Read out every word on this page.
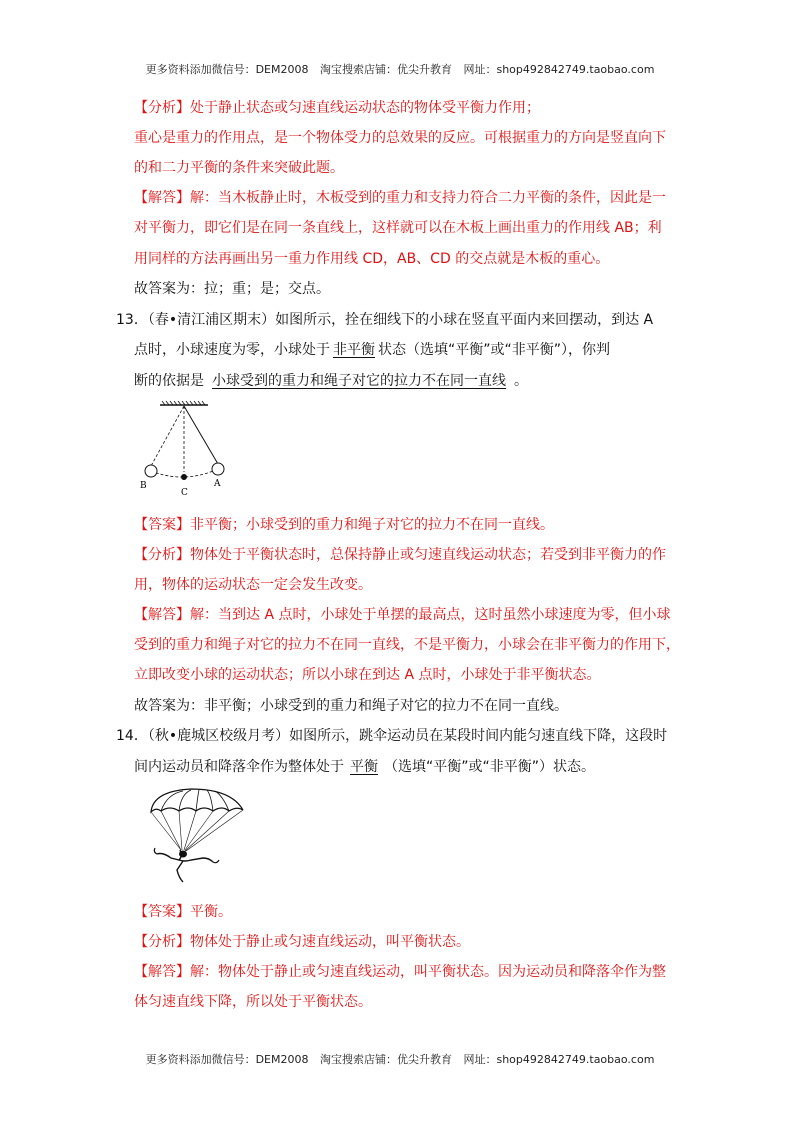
更多资料添加微信号：DEM2008 淘宝搜索店铺：优尖升教育 网址：shop492842749.taobao.com
【分析】处于静止状态或匀速直线运动状态的物体受平衡力作用；
重心是重力的作用点，是一个物体受力的总效果的反应。可根据重力的方向是竖直向下
的和二力平衡的条件来突破此题。
【解答】解：当木板静止时，木板受到的重力和支持力符合二力平衡的条件，因此是一
对平衡力，即它们是在同一条直线上，这样就可以在木板上画出重力的作用线 AB；利
用同样的方法再画出另一重力作用线 CD，AB、CD 的交点就是木板的重心。
故答案为：拉；重；是；交点。
13．（春•清江浦区期末）如图所示，拴在细线下的小球在竖直平面内来回摆动，到达 A
点时，小球速度为零，小球处于 非平衡 状态（选填“平衡”或“非平衡”），你判
断的依据是 小球受到的重力和绳子对它的拉力不在同一直线 。
B
C
A
【答案】非平衡；小球受到的重力和绳子对它的拉力不在同一直线。
【分析】物体处于平衡状态时，总保持静止或匀速直线运动状态；若受到非平衡力的作
用，物体的运动状态一定会发生改变。
【解答】解：当到达 A 点时，小球处于单摆的最高点，这时虽然小球速度为零，但小球
受到的重力和绳子对它的拉力不在同一直线，不是平衡力，小球会在非平衡力的作用下，
立即改变小球的运动状态；所以小球在到达 A 点时，小球处于非平衡状态。
故答案为：非平衡；小球受到的重力和绳子对它的拉力不在同一直线。
14．（秋•鹿城区校级月考）如图所示，跳伞运动员在某段时间内能匀速直线下降，这段时
间内运动员和降落伞作为整体处于 平衡 （选填“平衡”或“非平衡”）状态。
【答案】平衡。
【分析】物体处于静止或匀速直线运动，叫平衡状态。
【解答】解：物体处于静止或匀速直线运动，叫平衡状态。因为运动员和降落伞作为整
体匀速直线下降，所以处于平衡状态。
更多资料添加微信号：DEM2008 淘宝搜索店铺：优尖升教育 网址：shop492842749.taobao.com
